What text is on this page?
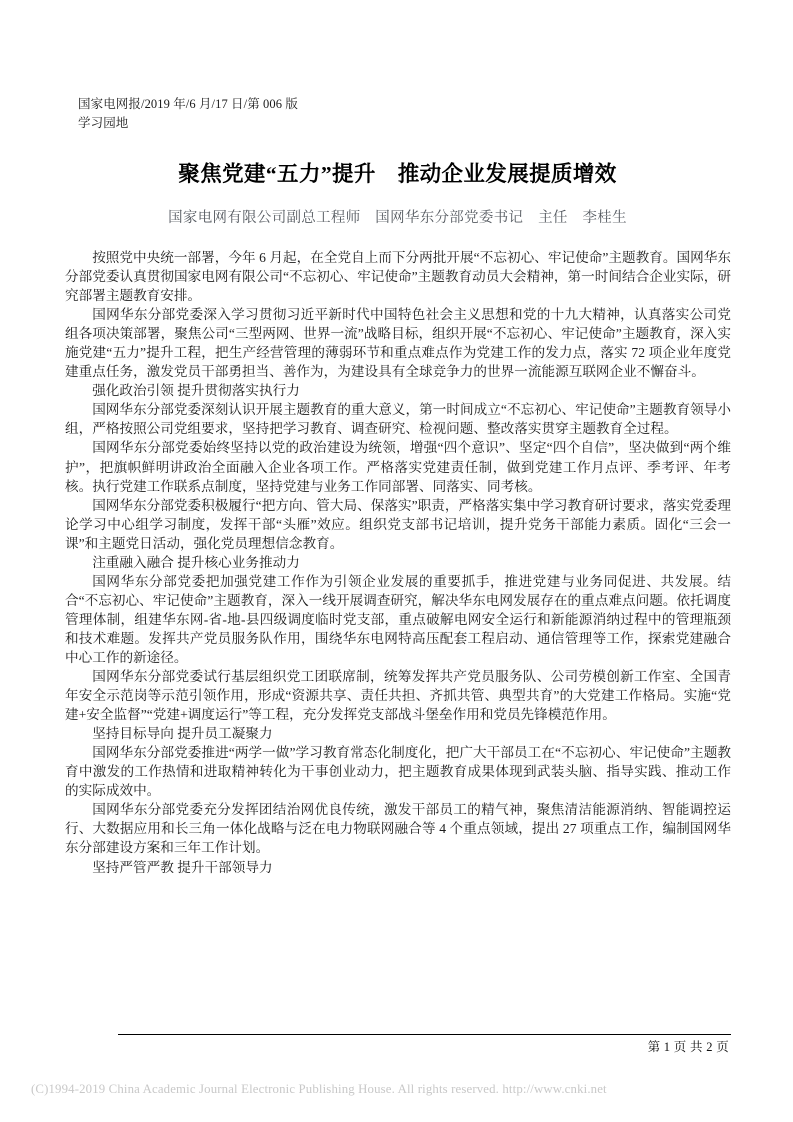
国家电网报/2019 年/6 月/17 日/第 006 版
学习园地
聚焦党建“五力”提升　推动企业发展提质增效
国家电网有限公司副总工程师　国网华东分部党委书记　主任　李桂生

按照党中央统一部署，今年 6 月起，在全党自上而下分两批开展“不忘初心、牢记使命”主题教育。国网华东分部党委认真贯彻国家电网有限公司“不忘初心、牢记使命”主题教育动员大会精神，第一时间结合企业实际，研究部署主题教育安排。

国网华东分部党委深入学习贯彻习近平新时代中国特色社会主义思想和党的十九大精神，认真落实公司党组各项决策部署，聚焦公司“三型两网、世界一流”战略目标，组织开展“不忘初心、牢记使命”主题教育，深入实施党建“五力”提升工程，把生产经营管理的薄弱环节和重点难点作为党建工作的发力点，落实 72 项企业年度党建重点任务，激发党员干部勇担当、善作为，为建设具有全球竞争力的世界一流能源互联网企业不懈奋斗。

强化政治引领 提升贯彻落实执行力

国网华东分部党委深刻认识开展主题教育的重大意义，第一时间成立“不忘初心、牢记使命”主题教育领导小组，严格按照公司党组要求，坚持把学习教育、调查研究、检视问题、整改落实贯穿主题教育全过程。

国网华东分部党委始终坚持以党的政治建设为统领，增强“四个意识”、坚定“四个自信”，坚决做到“两个维护”，把旗帜鲜明讲政治全面融入企业各项工作。严格落实党建责任制，做到党建工作月点评、季考评、年考核。执行党建工作联系点制度，坚持党建与业务工作同部署、同落实、同考核。

国网华东分部党委积极履行“把方向、管大局、保落实”职责，严格落实集中学习教育研讨要求，落实党委理论学习中心组学习制度，发挥干部“头雁”效应。组织党支部书记培训，提升党务干部能力素质。固化“三会一课”和主题党日活动，强化党员理想信念教育。

注重融入融合 提升核心业务推动力

国网华东分部党委把加强党建工作作为引领企业发展的重要抓手，推进党建与业务同促进、共发展。结合“不忘初心、牢记使命”主题教育，深入一线开展调查研究，解决华东电网发展存在的重点难点问题。依托调度管理体制，组建华东网-省-地-县四级调度临时党支部，重点破解电网安全运行和新能源消纳过程中的管理瓶颈和技术难题。发挥共产党员服务队作用，围绕华东电网特高压配套工程启动、通信管理等工作，探索党建融合中心工作的新途径。

国网华东分部党委试行基层组织党工团联席制，统筹发挥共产党员服务队、公司劳模创新工作室、全国青年安全示范岗等示范引领作用，形成“资源共享、责任共担、齐抓共管、典型共育”的大党建工作格局。实施“党建+安全监督”“党建+调度运行”等工程，充分发挥党支部战斗堡垒作用和党员先锋模范作用。

坚持目标导向 提升员工凝聚力

国网华东分部党委推进“两学一做”学习教育常态化制度化，把广大干部员工在“不忘初心、牢记使命”主题教育中激发的工作热情和进取精神转化为干事创业动力，把主题教育成果体现到武装头脑、指导实践、推动工作的实际成效中。

国网华东分部党委充分发挥团结治网优良传统，激发干部员工的精气神，聚焦清洁能源消纳、智能调控运行、大数据应用和长三角一体化战略与泛在电力物联网融合等 4 个重点领域，提出 27 项重点工作，编制国网华东分部建设方案和三年工作计划。

坚持严管严教 提升干部领导力

第 1 页 共 2 页
(C)1994-2019 China Academic Journal Electronic Publishing House. All rights reserved. http://www.cnki.net
